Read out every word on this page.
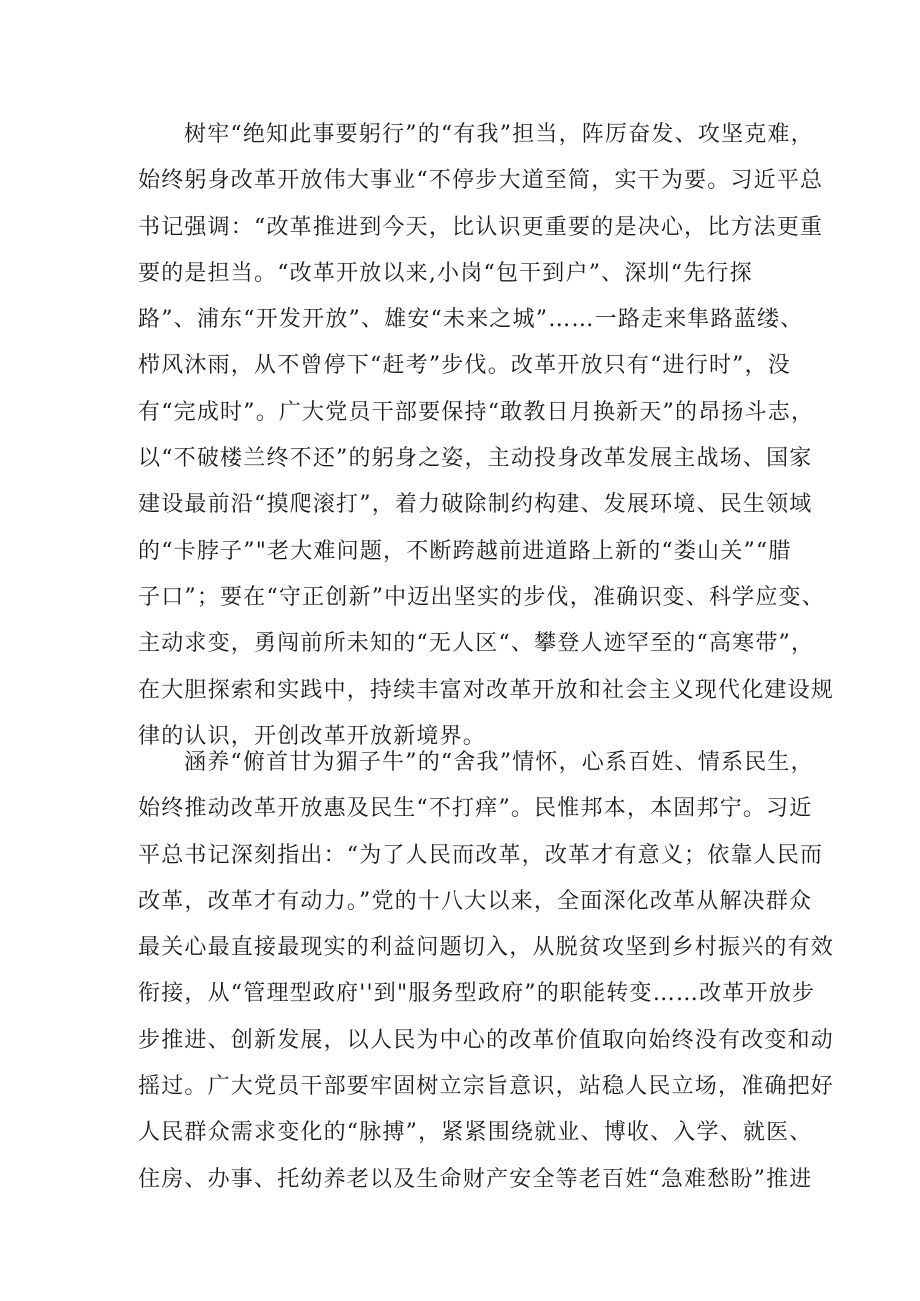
树牢“绝知此事要躬行”的“有我”担当，阵厉奋发、攻坚克难，
始终躬身改革开放伟大事业“不停步大道至简，实干为要。习近平总
书记强调：“改革推进到今天，比认识更重要的是决心，比方法更重
要的是担当。“改革开放以来,小岗“包干到户”、深圳“先行探
路”、浦东“开发开放”、雄安“未来之城”……一路走来隼路蓝缕、
栉风沐雨，从不曾停下“赶考”步伐。改革开放只有“进行时”，没
有“完成时”。广大党员干部要保持“敢教日月换新天”的昂扬斗志，
以“不破楼兰终不还”的躬身之姿，主动投身改革发展主战场、国家
建设最前沿“摸爬滚打”，着力破除制约构建、发展环境、民生领域
的“卡脖子”"老大难问题，不断跨越前进道路上新的“娄山关”“腊
子口”；要在“守正创新”中迈出坚实的步伐，准确识变、科学应变、
主动求变，勇闯前所未知的“无人区“、攀登人迹罕至的“高寒带”，
在大胆探索和实践中，持续丰富对改革开放和社会主义现代化建设规
律的认识，开创改革开放新境界。
涵养“俯首甘为猸子牛”的“舍我”情怀，心系百姓、情系民生，
始终推动改革开放惠及民生“不打痒”。民惟邦本，本固邦宁。习近
平总书记深刻指出：“为了人民而改革，改革才有意义；依靠人民而
改革，改革才有动力。”党的十八大以来，全面深化改革从解决群众
最关心最直接最现实的利益问题切入，从脱贫攻坚到乡村振兴的有效
衔接，从“管理型政府''到"服务型政府”的职能转变……改革开放步
步推进、创新发展，以人民为中心的改革价值取向始终没有改变和动
摇过。广大党员干部要牢固树立宗旨意识，站稳人民立场，准确把好
人民群众需求变化的“脉搏”，紧紧围绕就业、博收、入学、就医、
住房、办事、托幼养老以及生命财产安全等老百姓“急难愁盼”推进
